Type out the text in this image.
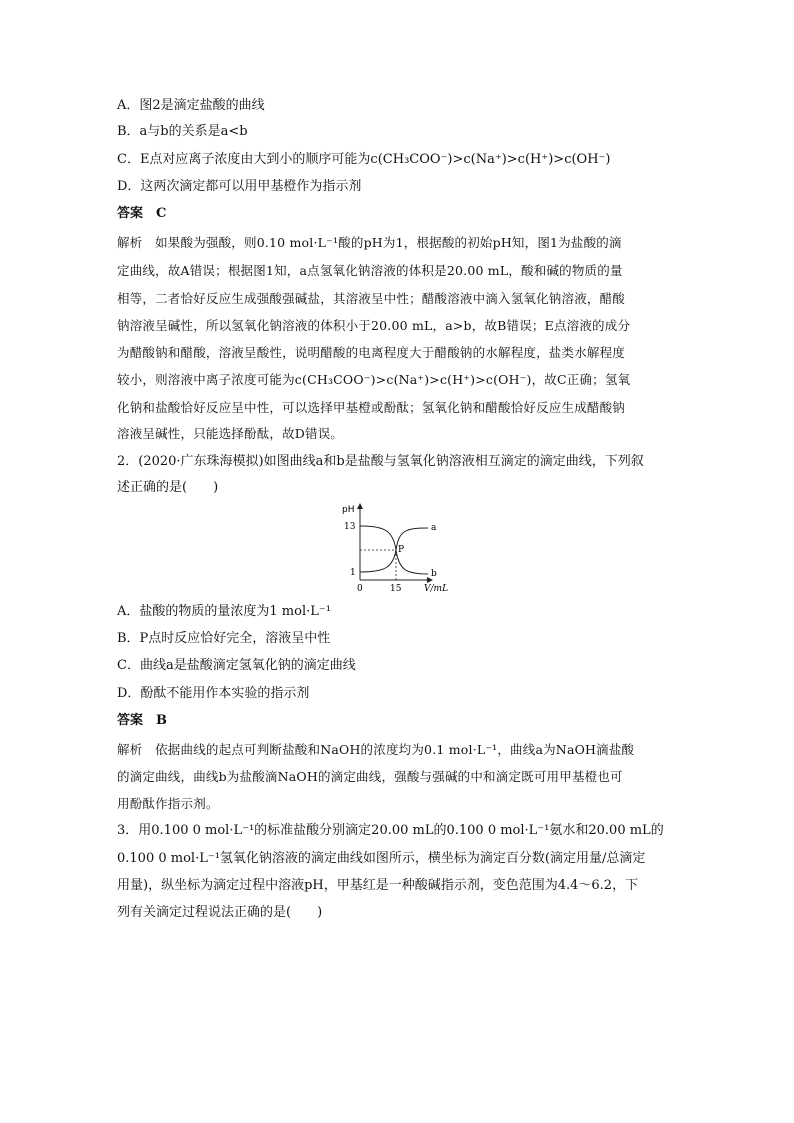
A．图2是滴定盐酸的曲线
B．a与b的关系是a<b
C．E点对应离子浓度由大到小的顺序可能为c(CH₃COO⁻)>c(Na⁺)>c(H⁺)>c(OH⁻)
D．这两次滴定都可以用甲基橙作为指示剂
答案　C
解析　如果酸为强酸，则0.10 mol·L⁻¹酸的pH为1，根据酸的初始pH知，图1为盐酸的滴
定曲线，故A错误；根据图1知，a点氢氧化钠溶液的体积是20.00 mL，酸和碱的物质的量
相等，二者恰好反应生成强酸强碱盐，其溶液呈中性；醋酸溶液中滴入氢氧化钠溶液，醋酸
钠溶液呈碱性，所以氢氧化钠溶液的体积小于20.00 mL，a>b，故B错误；E点溶液的成分
为醋酸钠和醋酸，溶液呈酸性，说明醋酸的电离程度大于醋酸钠的水解程度，盐类水解程度
较小，则溶液中离子浓度可能为c(CH₃COO⁻)>c(Na⁺)>c(H⁺)>c(OH⁻)，故C正确；氢氧
化钠和盐酸恰好反应呈中性，可以选择甲基橙或酚酞；氢氧化钠和醋酸恰好反应生成醋酸钠
溶液呈碱性，只能选择酚酞，故D错误。
2．(2020·广东珠海模拟)如图曲线a和b是盐酸与氢氧化钠溶液相互滴定的滴定曲线，下列叙
述正确的是(　　)
pH
V/mL
13
1
0	15
a
b
P
A．盐酸的物质的量浓度为1 mol·L⁻¹
B．P点时反应恰好完全，溶液呈中性
C．曲线a是盐酸滴定氢氧化钠的滴定曲线
D．酚酞不能用作本实验的指示剂
答案　B
解析　依据曲线的起点可判断盐酸和NaOH的浓度均为0.1 mol·L⁻¹，曲线a为NaOH滴盐酸
的滴定曲线，曲线b为盐酸滴NaOH的滴定曲线，强酸与强碱的中和滴定既可用甲基橙也可
用酚酞作指示剂。
3．用0.100 0 mol·L⁻¹的标准盐酸分别滴定20.00 mL的0.100 0 mol·L⁻¹氨水和20.00 mL的
0.100 0 mol·L⁻¹氢氧化钠溶液的滴定曲线如图所示，横坐标为滴定百分数(滴定用量/总滴定
用量)，纵坐标为滴定过程中溶液pH，甲基红是一种酸碱指示剂，变色范围为4.4～6.2，下
列有关滴定过程说法正确的是(　　)
